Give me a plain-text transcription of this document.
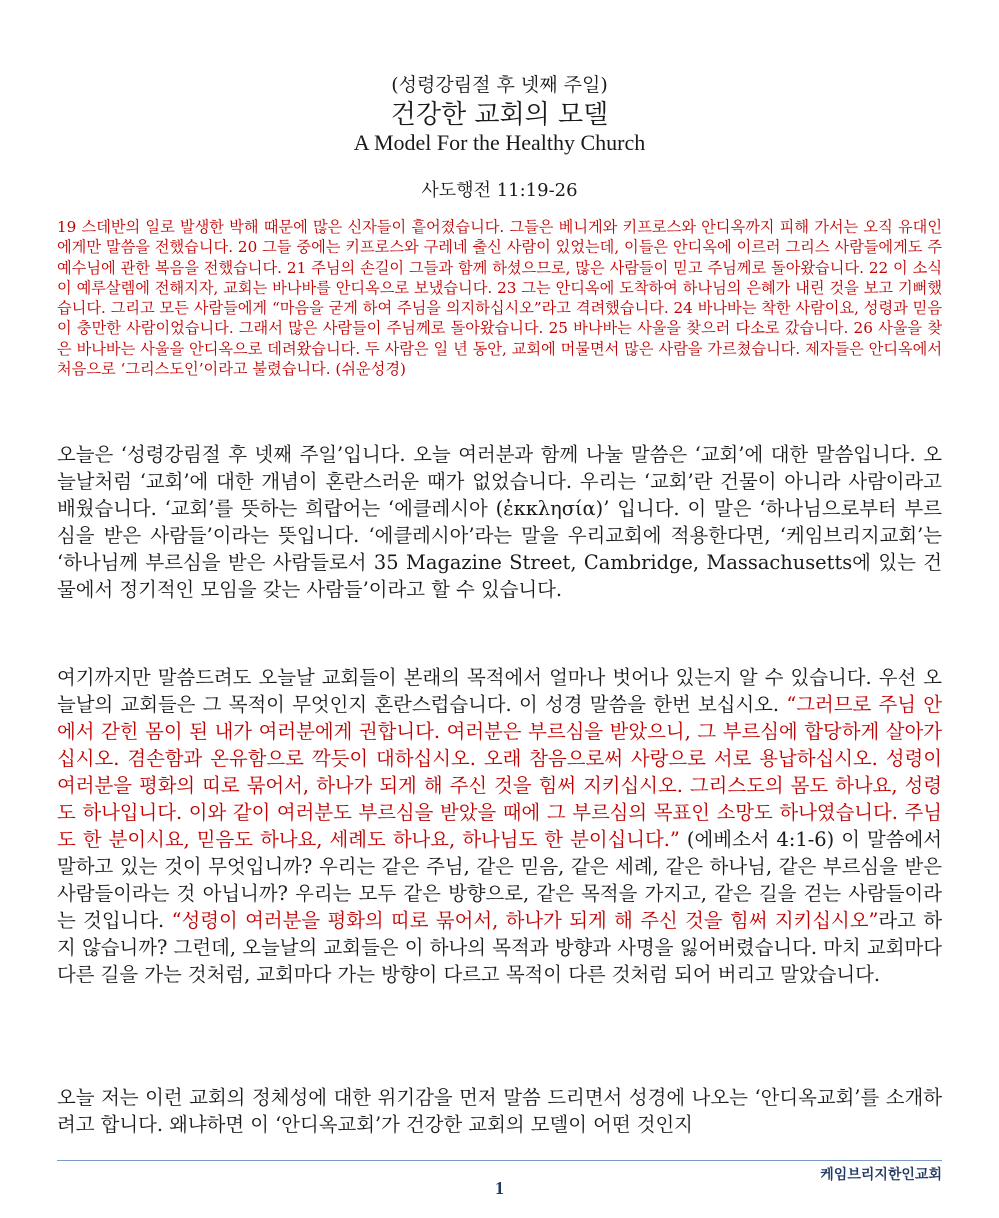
(성령강림절 후 넷째 주일)
건강한 교회의 모델
A Model For the Healthy Church
사도행전 11:19-26
19 스데반의 일로 발생한 박해 때문에 많은 신자들이 흩어졌습니다. 그들은 베니게와 키프로스와 안디옥까지 피해 가서는 오직 유대인에게만 말씀을 전했습니다. 20 그들 중에는 키프로스와 구레네 출신 사람이 있었는데, 이들은 안디옥에 이르러 그리스 사람들에게도 주 예수님에 관한 복음을 전했습니다. 21 주님의 손길이 그들과 함께 하셨으므로, 많은 사람들이 믿고 주님께로 돌아왔습니다. 22 이 소식이 예루살렘에 전해지자, 교회는 바나바를 안디옥으로 보냈습니다. 23 그는 안디옥에 도착하여 하나님의 은혜가 내린 것을 보고 기뻐했습니다. 그리고 모든 사람들에게 “마음을 굳게 하여 주님을 의지하십시오”라고 격려했습니다. 24 바나바는 착한 사람이요, 성령과 믿음이 충만한 사람이었습니다. 그래서 많은 사람들이 주님께로 돌아왔습니다. 25 바나바는 사울을 찾으러 다소로 갔습니다. 26 사울을 찾은 바나바는 사울을 안디옥으로 데려왔습니다. 두 사람은 일 년 동안, 교회에 머물면서 많은 사람을 가르쳤습니다. 제자들은 안디옥에서 처음으로 ‘그리스도인’이라고 불렸습니다. (쉬운성경)
오늘은 ‘성령강림절 후 넷째 주일’입니다. 오늘 여러분과 함께 나눌 말씀은 ‘교회’에 대한 말씀입니다. 오늘날처럼 ‘교회’에 대한 개념이 혼란스러운 때가 없었습니다. 우리는 ‘교회’란 건물이 아니라 사람이라고 배웠습니다. ‘교회’를 뜻하는 희랍어는 ‘에클레시아 (ἐκκλησία)’ 입니다. 이 말은 ‘하나님으로부터 부르심을 받은 사람들’이라는 뜻입니다. ‘에클레시아’라는 말을 우리교회에 적용한다면, ‘케임브리지교회’는 ‘하나님께 부르심을 받은 사람들로서 35 Magazine Street, Cambridge, Massachusetts에 있는 건물에서 정기적인 모임을 갖는 사람들’이라고 할 수 있습니다.
여기까지만 말씀드려도 오늘날 교회들이 본래의 목적에서 얼마나 벗어나 있는지 알 수 있습니다. 우선 오늘날의 교회들은 그 목적이 무엇인지 혼란스럽습니다. 이 성경 말씀을 한번 보십시오. “그러므로 주님 안에서 갇힌 몸이 된 내가 여러분에게 권합니다. 여러분은 부르심을 받았으니, 그 부르심에 합당하게 살아가십시오. 겸손함과 온유함으로 깍듯이 대하십시오. 오래 참음으로써 사랑으로 서로 용납하십시오. 성령이 여러분을 평화의 띠로 묶어서, 하나가 되게 해 주신 것을 힘써 지키십시오. 그리스도의 몸도 하나요, 성령도 하나입니다. 이와 같이 여러분도 부르심을 받았을 때에 그 부르심의 목표인 소망도 하나였습니다. 주님도 한 분이시요, 믿음도 하나요, 세례도 하나요, 하나님도 한 분이십니다.” (에베소서 4:1-6) 이 말씀에서 말하고 있는 것이 무엇입니까? 우리는 같은 주님, 같은 믿음, 같은 세례, 같은 하나님, 같은 부르심을 받은 사람들이라는 것 아닙니까? 우리는 모두 같은 방향으로, 같은 목적을 가지고, 같은 길을 걷는 사람들이라는 것입니다. “성령이 여러분을 평화의 띠로 묶어서, 하나가 되게 해 주신 것을 힘써 지키십시오”라고 하지 않습니까? 그런데, 오늘날의 교회들은 이 하나의 목적과 방향과 사명을 잃어버렸습니다. 마치 교회마다 다른 길을 가는 것처럼, 교회마다 가는 방향이 다르고 목적이 다른 것처럼 되어 버리고 말았습니다.
오늘 저는 이런 교회의 정체성에 대한 위기감을 먼저 말씀 드리면서 성경에 나오는 ‘안디옥교회’를 소개하려고 합니다. 왜냐하면 이 ‘안디옥교회’가 건강한 교회의 모델이 어떤 것인지
케임브리지한인교회
1
